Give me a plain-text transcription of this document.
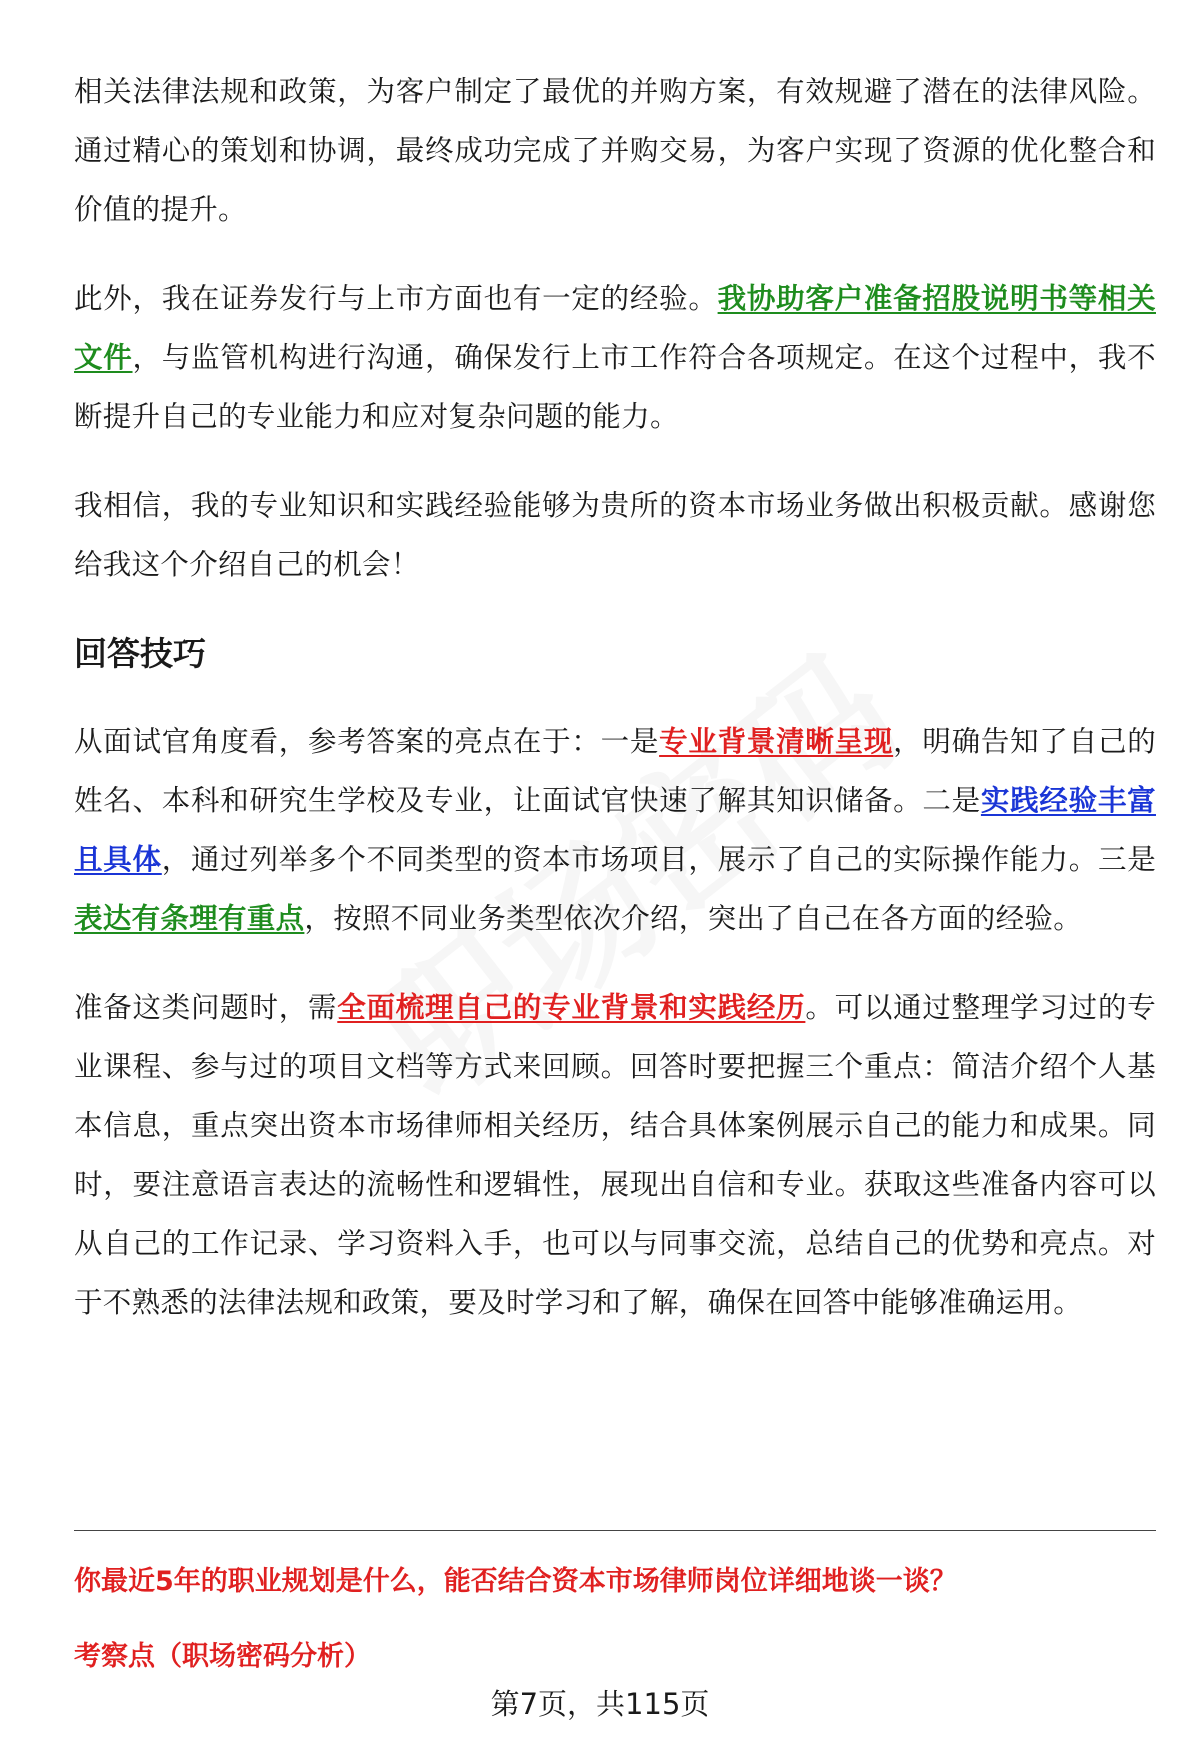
相关法律法规和政策，为客户制定了最优的并购方案，有效规避了潜在的法律风险。通过精心的策划和协调，最终成功完成了并购交易，为客户实现了资源的优化整合和价值的提升。

此外，我在证券发行与上市方面也有一定的经验。我协助客户准备招股说明书等相关文件，与监管机构进行沟通，确保发行上市工作符合各项规定。在这个过程中，我不断提升自己的专业能力和应对复杂问题的能力。

我相信，我的专业知识和实践经验能够为贵所的资本市场业务做出积极贡献。感谢您给我这个介绍自己的机会！

回答技巧

从面试官角度看，参考答案的亮点在于：一是专业背景清晰呈现，明确告知了自己的姓名、本科和研究生学校及专业，让面试官快速了解其知识储备。二是实践经验丰富且具体，通过列举多个不同类型的资本市场项目，展示了自己的实际操作能力。三是表达有条理有重点，按照不同业务类型依次介绍，突出了自己在各方面的经验。

准备这类问题时，需全面梳理自己的专业背景和实践经历。可以通过整理学习过的专业课程、参与过的项目文档等方式来回顾。回答时要把握三个重点：简洁介绍个人基本信息，重点突出资本市场律师相关经历，结合具体案例展示自己的能力和成果。同时，要注意语言表达的流畅性和逻辑性，展现出自信和专业。获取这些准备内容可以从自己的工作记录、学习资料入手，也可以与同事交流，总结自己的优势和亮点。对于不熟悉的法律法规和政策，要及时学习和了解，确保在回答中能够准确运用。

你最近5年的职业规划是什么，能否结合资本市场律师岗位详细地谈一谈？
考察点（职场密码分析）
第7页，共115页
